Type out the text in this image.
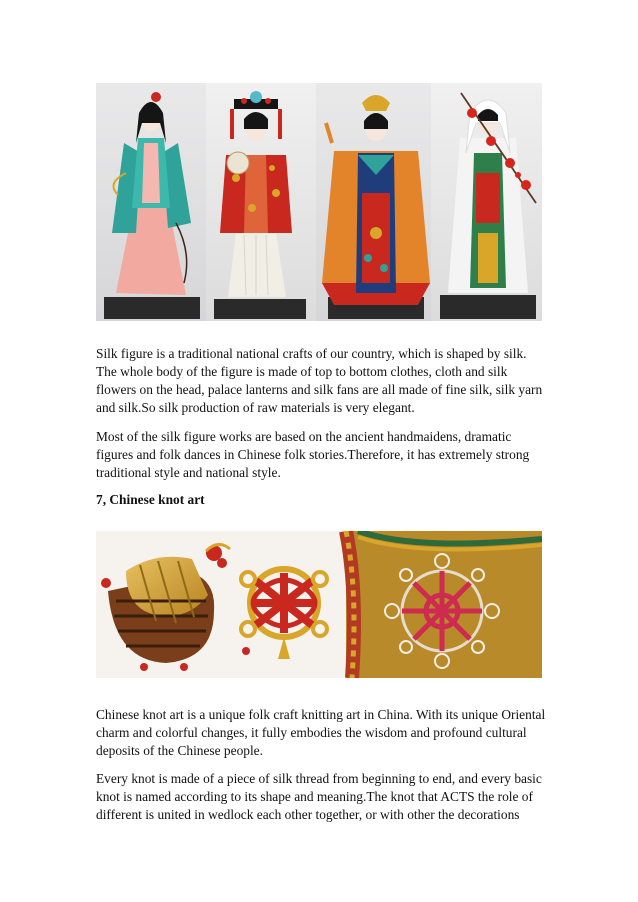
Silk figure is a traditional national crafts of our country, which is shaped by silk. The whole body of the figure is made of top to bottom clothes, cloth and silk flowers on the head, palace lanterns and silk fans are all made of fine silk, silk yarn and silk.So silk production of raw materials is very elegant.

Most of the silk figure works are based on the ancient handmaidens, dramatic figures and folk dances in Chinese folk stories.Therefore, it has extremely strong traditional style and national style.

7, Chinese knot art

Chinese knot art is a unique folk craft knitting art in China. With its unique Oriental charm and colorful changes, it fully embodies the wisdom and profound cultural deposits of the Chinese people.

Every knot is made of a piece of silk thread from beginning to end, and every basic knot is named according to its shape and meaning.The knot that ACTS the role of different is united in wedlock each other together, or with other the decorations
